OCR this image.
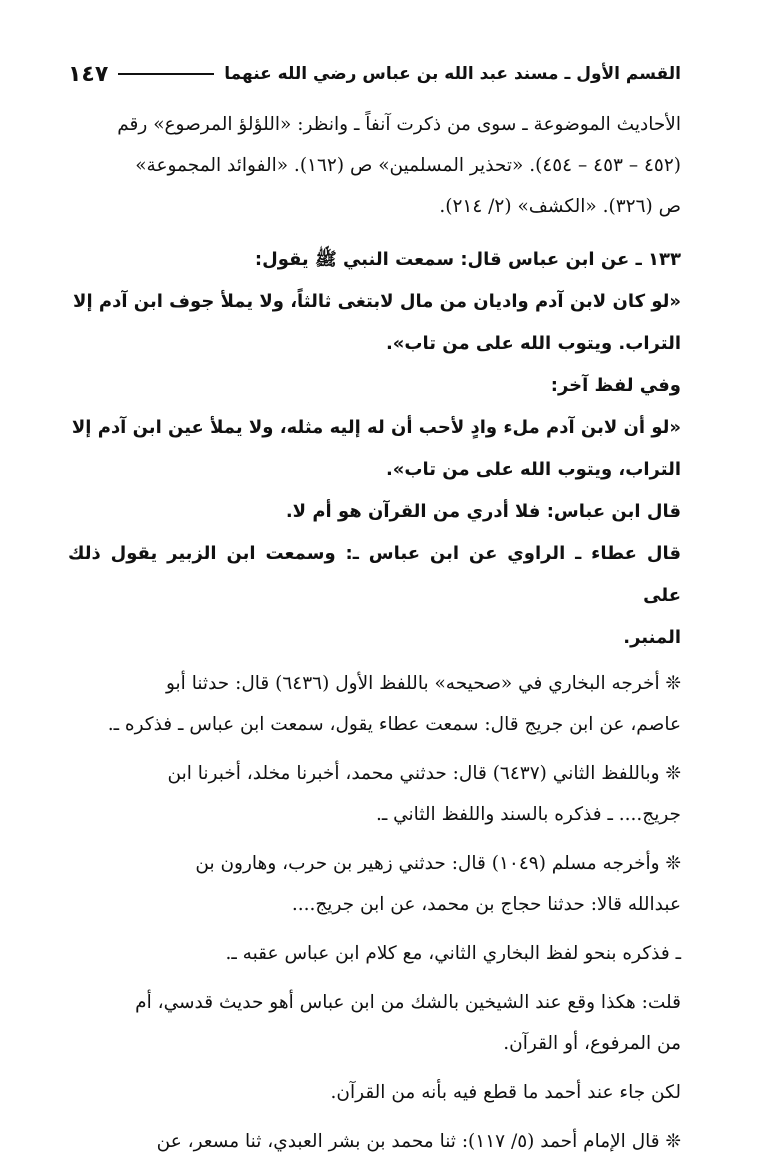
القسم الأول ـ مسند عبد الله بن عباس رضي الله عنهما
١٤٧

الأحاديث الموضوعة ـ سوى من ذكرت آنفاً ـ وانظر: «اللؤلؤ المرصوع» رقم

(٤٥٢ – ٤٥٣ – ٤٥٤). «تحذير المسلمين» ص (١٦٢). «الفوائد المجموعة»

ص (٣٢٦). «الكشف» (٢/ ٢١٤).

١٣٣ ـ عن ابن عباس قال: سمعت النبي ﷺ يقول:

«لو كان لابن آدم واديان من مال لابتغى ثالثاً، ولا يملأ جوف ابن آدم إلا

التراب. ويتوب الله على من تاب».

وفي لفظ آخر:

«لو أن لابن آدم ملء وادٍ لأحب أن له إليه مثله، ولا يملأ عين ابن آدم إلا

التراب، ويتوب الله على من تاب».

قال ابن عباس: فلا أدري من القرآن هو أم لا.

قال عطاء ـ الراوي عن ابن عباس ـ: وسمعت ابن الزبير يقول ذلك على

المنبر.

❊ أخرجه البخاري في «صحيحه» باللفظ الأول (٦٤٣٦) قال: حدثنا أبو

عاصم، عن ابن جريج قال: سمعت عطاء يقول، سمعت ابن عباس ـ فذكره ـ.

❊ وباللفظ الثاني (٦٤٣٧) قال: حدثني محمد، أخبرنا مخلد، أخبرنا ابن

جريج.... ـ فذكره بالسند واللفظ الثاني ـ.

❊ وأخرجه مسلم (١٠٤٩) قال: حدثني زهير بن حرب، وهارون بن

عبدالله قالا: حدثنا حجاج بن محمد، عن ابن جريج....

ـ فذكره بنحو لفظ البخاري الثاني، مع كلام ابن عباس عقبه ـ.

قلت: هكذا وقع عند الشيخين بالشك من ابن عباس أهو حديث قدسي، أم

من المرفوع، أو القرآن.

لكن جاء عند أحمد ما قطع فيه بأنه من القرآن.

❊ قال الإمام أحمد (٥/ ١١٧): ثنا محمد بن بشر العبدي، ثنا مسعر، عن
